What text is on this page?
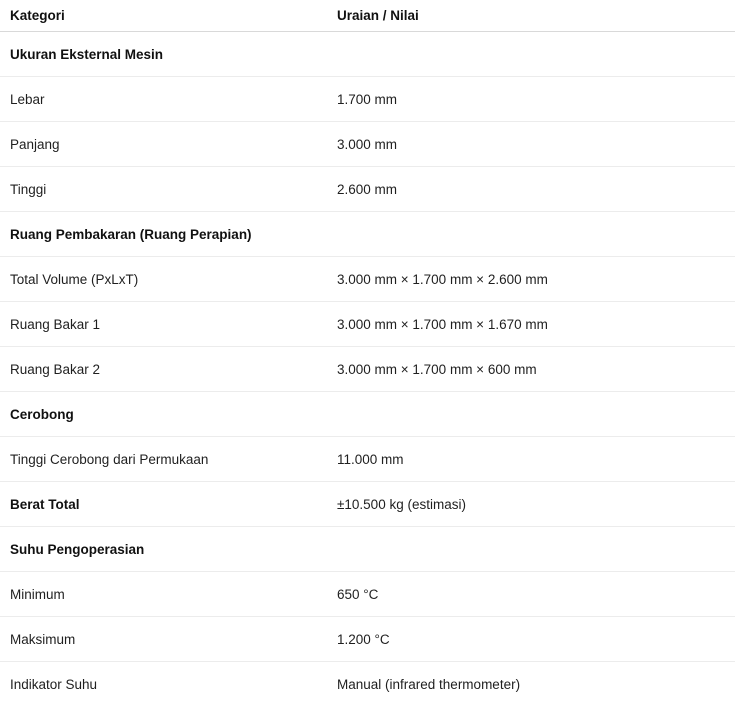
Kategori	Uraian / Nilai
Ukuran Eksternal Mesin
Lebar	1.700 mm
Panjang	3.000 mm
Tinggi	2.600 mm
Ruang Pembakaran (Ruang Perapian)
Total Volume (PxLxT)	3.000 mm × 1.700 mm × 2.600 mm
Ruang Bakar 1	3.000 mm × 1.700 mm × 1.670 mm
Ruang Bakar 2	3.000 mm × 1.700 mm × 600 mm
Cerobong
Tinggi Cerobong dari Permukaan	11.000 mm
Berat Total	±10.500 kg (estimasi)
Suhu Pengoperasian
Minimum	650 °C
Maksimum	1.200 °C
Indikator Suhu	Manual (infrared thermometer)
